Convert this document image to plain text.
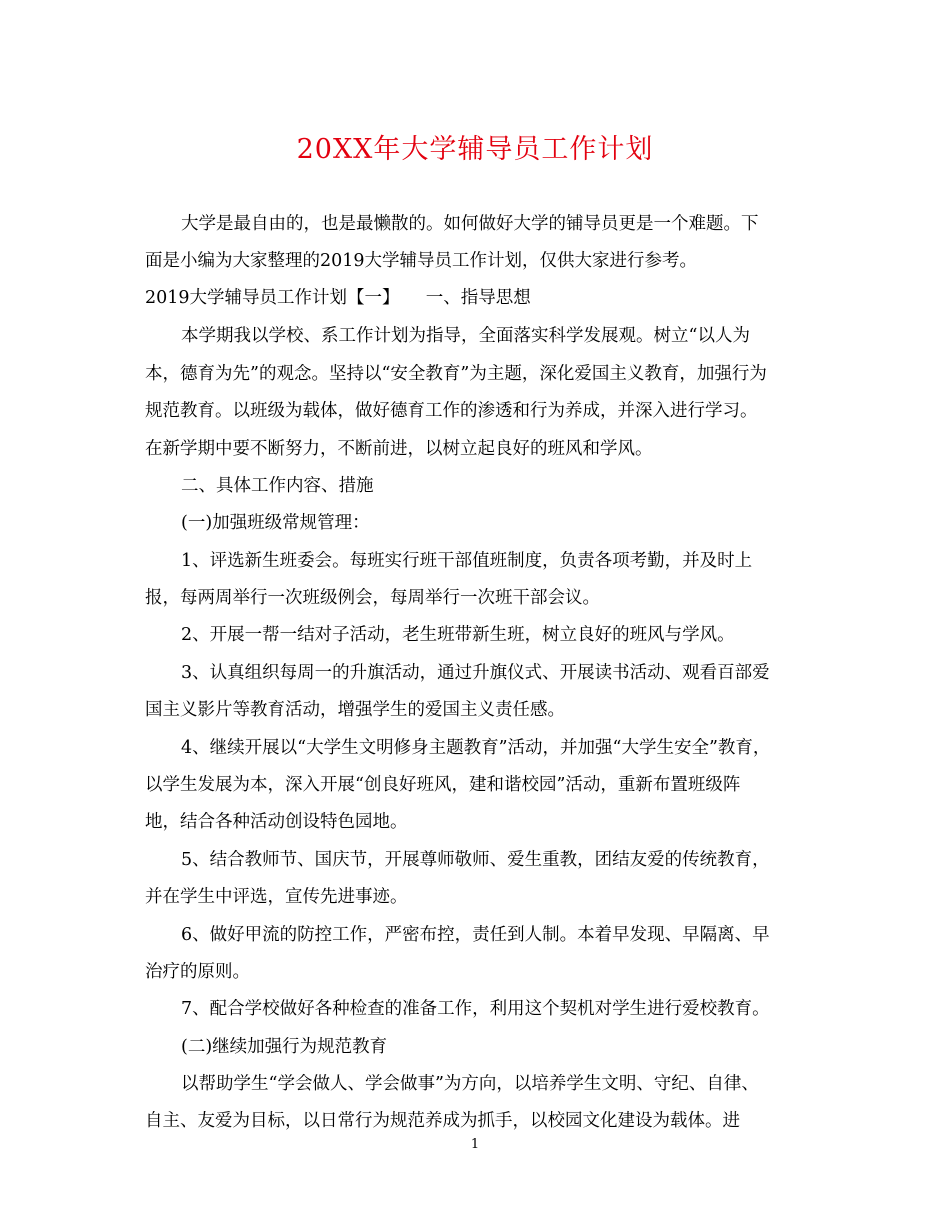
20XX年大学辅导员工作计划
大学是最自由的，也是最懒散的。如何做好大学的铺导员更是一个难题。下
面是小编为大家整理的2019大学辅导员工作计划，仅供大家进行参考。
2019大学辅导员工作计划【一】　　一、指导思想
本学期我以学校、系工作计划为指导，全面落实科学发展观。树立“以人为
本，德育为先”的观念。坚持以“安全教育”为主题，深化爱国主义教育，加强行为
规范教育。以班级为载体，做好德育工作的渗透和行为养成，并深入进行学习。
在新学期中要不断努力，不断前进，以树立起良好的班风和学风。
二、具体工作内容、措施
(一)加强班级常规管理：
1、评选新生班委会。每班实行班干部值班制度，负责各项考勤，并及时上
报，每两周举行一次班级例会，每周举行一次班干部会议。
2、开展一帮一结对子活动，老生班带新生班，树立良好的班风与学风。
3、认真组织每周一的升旗活动，通过升旗仪式、开展读书活动、观看百部爱
国主义影片等教育活动，增强学生的爱国主义责任感。
4、继续开展以“大学生文明修身主题教育”活动，并加强“大学生安全”教育，
以学生发展为本，深入开展“创良好班风，建和谐校园”活动，重新布置班级阵
地，结合各种活动创设特色园地。
5、结合教师节、国庆节，开展尊师敬师、爱生重教，团结友爱的传统教育，
并在学生中评选，宣传先进事迹。
6、做好甲流的防控工作，严密布控，责任到人制。本着早发现、早隔离、早
治疗的原则。
7、配合学校做好各种检查的准备工作，利用这个契机对学生进行爱校教育。
(二)继续加强行为规范教育
以帮助学生“学会做人、学会做事”为方向，以培养学生文明、守纪、自律、
自主、友爱为目标，以日常行为规范养成为抓手，以校园文化建设为载体。进
1
